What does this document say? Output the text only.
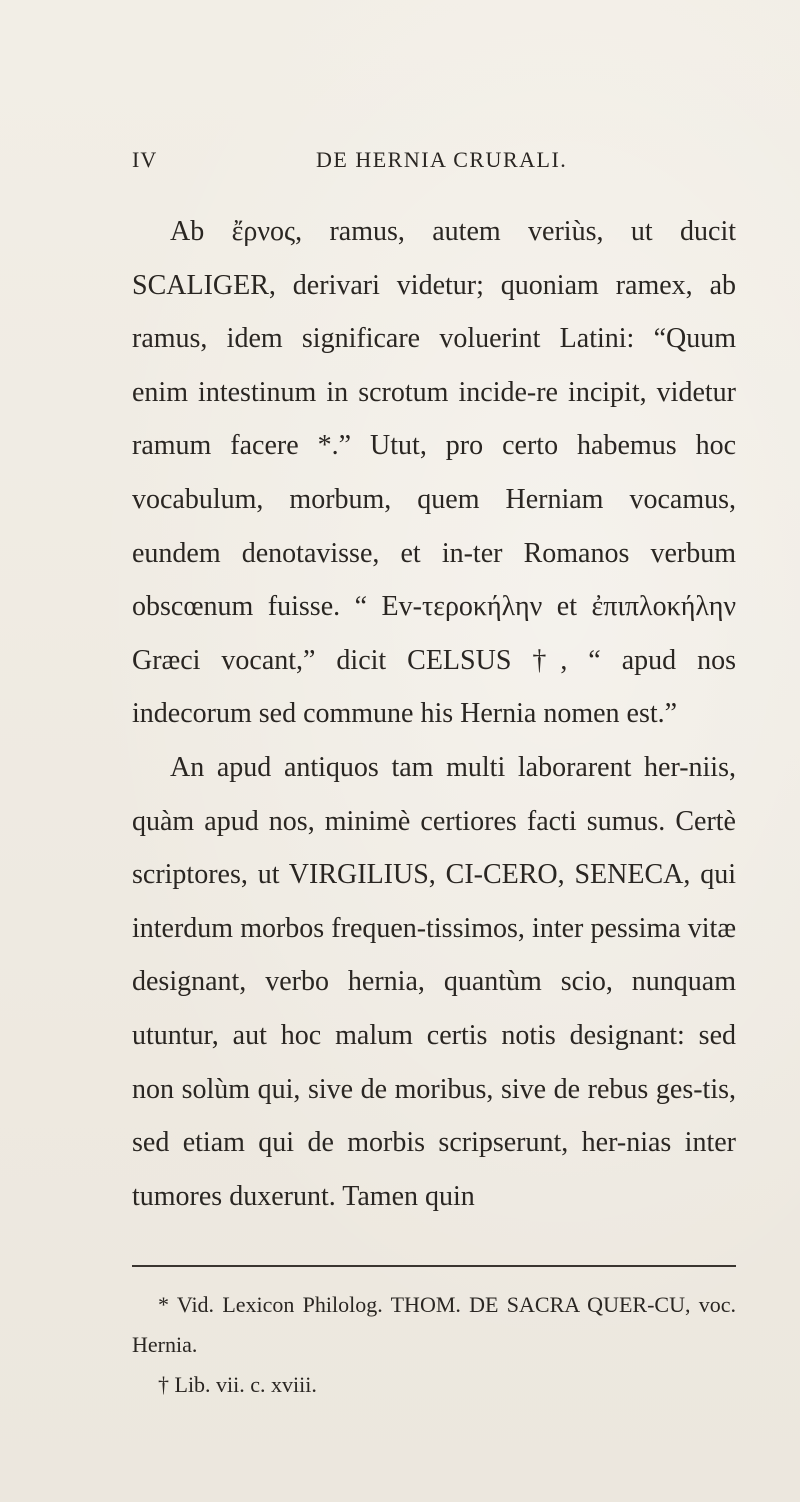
IV	DE HERNIA CRURALI.

Ab ἔρνος, ramus, autem veriùs, ut ducit SCALIGER, derivari videtur; quoniam ramex, ab ramus, idem significare voluerint Latini: “Quum enim intestinum in scrotum incide-re incipit, videtur ramum facere *.” Utut, pro certo habemus hoc vocabulum, morbum, quem Herniam vocamus, eundem denotavisse, et in-ter Romanos verbum obscœnum fuisse. “ Ev-τεροκήλην et ἐπιπλοκήλην Græci vocant,” dicit CELSUS †, “ apud nos indecorum sed commune his Hernia nomen est.”

An apud antiquos tam multi laborarent her-niis, quàm apud nos, minimè certiores facti sumus. Certè scriptores, ut VIRGILIUS, CI-CERO, SENECA, qui interdum morbos frequen-tissimos, inter pessima vitæ designant, verbo hernia, quantùm scio, nunquam utuntur, aut hoc malum certis notis designant: sed non solùm qui, sive de moribus, sive de rebus ges-tis, sed etiam qui de morbis scripserunt, her-nias inter tumores duxerunt. Tamen quin

* Vid. Lexicon Philolog. THOM. DE SACRA QUER-CU, voc. Hernia.

† Lib. vii. c. xviii.
